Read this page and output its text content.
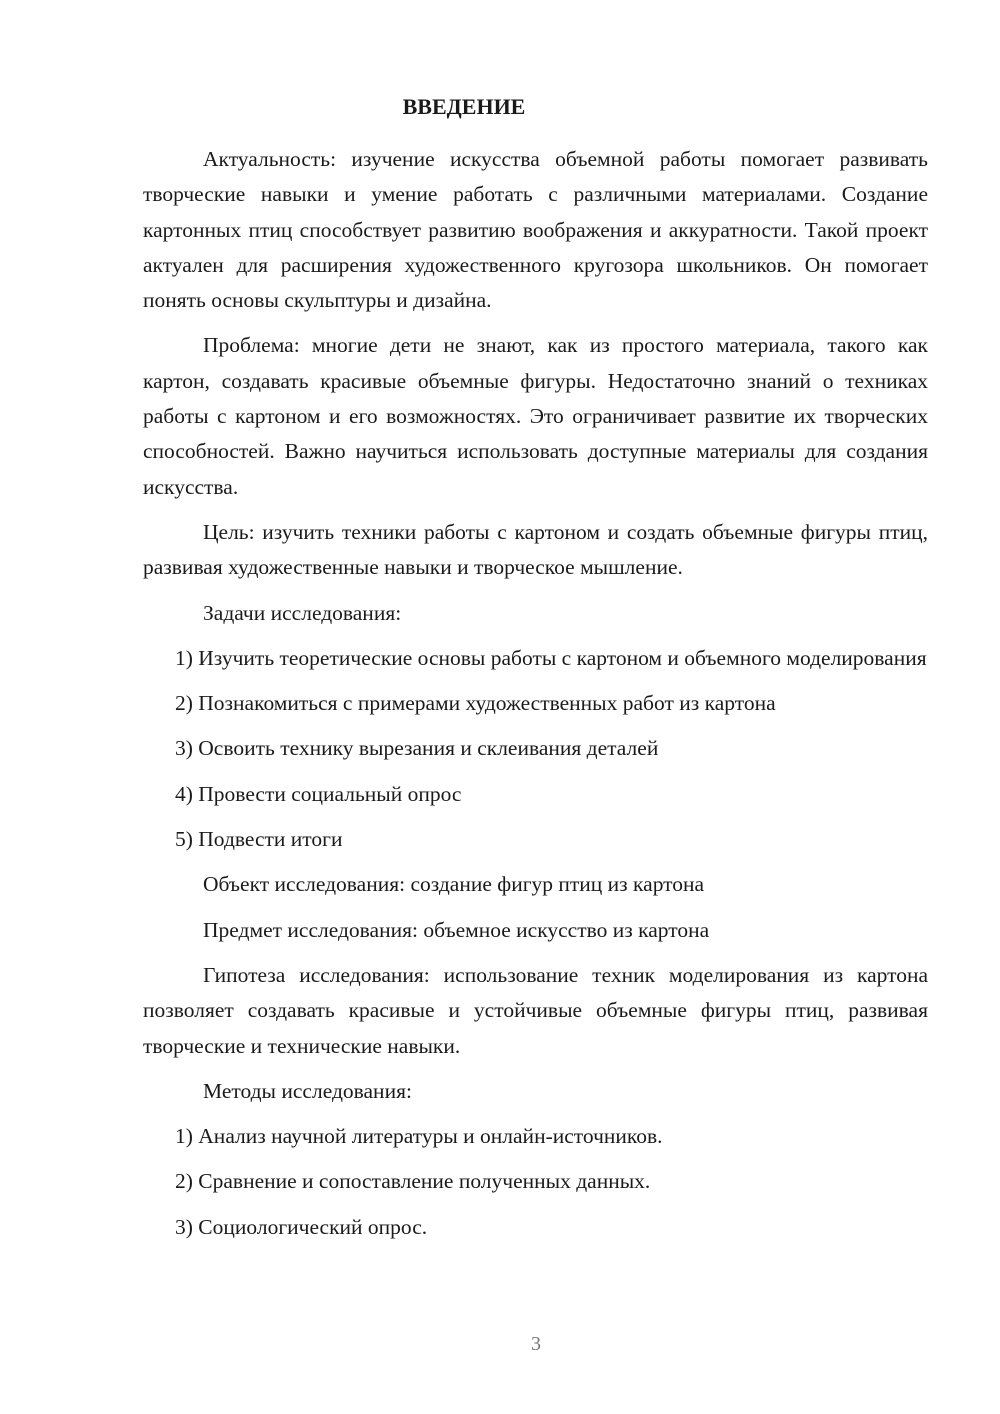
ВВЕДЕНИЕ

Актуальность: изучение искусства объемной работы помогает развивать творческие навыки и умение работать с различными материалами. Создание картонных птиц способствует развитию воображения и аккуратности. Такой проект актуален для расширения художественного кругозора школьников. Он помогает понять основы скульптуры и дизайна.

Проблема: многие дети не знают, как из простого материала, такого как картон, создавать красивые объемные фигуры. Недостаточно знаний о техниках работы с картоном и его возможностях. Это ограничивает развитие их творческих способностей. Важно научиться использовать доступные материалы для создания искусства.

Цель: изучить техники работы с картоном и создать объемные фигуры птиц, развивая художественные навыки и творческое мышление.

Задачи исследования:

1) Изучить теоретические основы работы с картоном и объемного моделирования

2) Познакомиться с примерами художественных работ из картона

3) Освоить технику вырезания и склеивания деталей

4) Провести социальный опрос

5) Подвести итоги

Объект исследования: создание фигур птиц из картона

Предмет исследования: объемное искусство из картона

Гипотеза исследования: использование техник моделирования из картона позволяет создавать красивые и устойчивые объемные фигуры птиц, развивая творческие и технические навыки.

Методы исследования:

1) Анализ научной литературы и онлайн-источников.

2) Сравнение и сопоставление полученных данных.

3) Социологический опрос.

3
